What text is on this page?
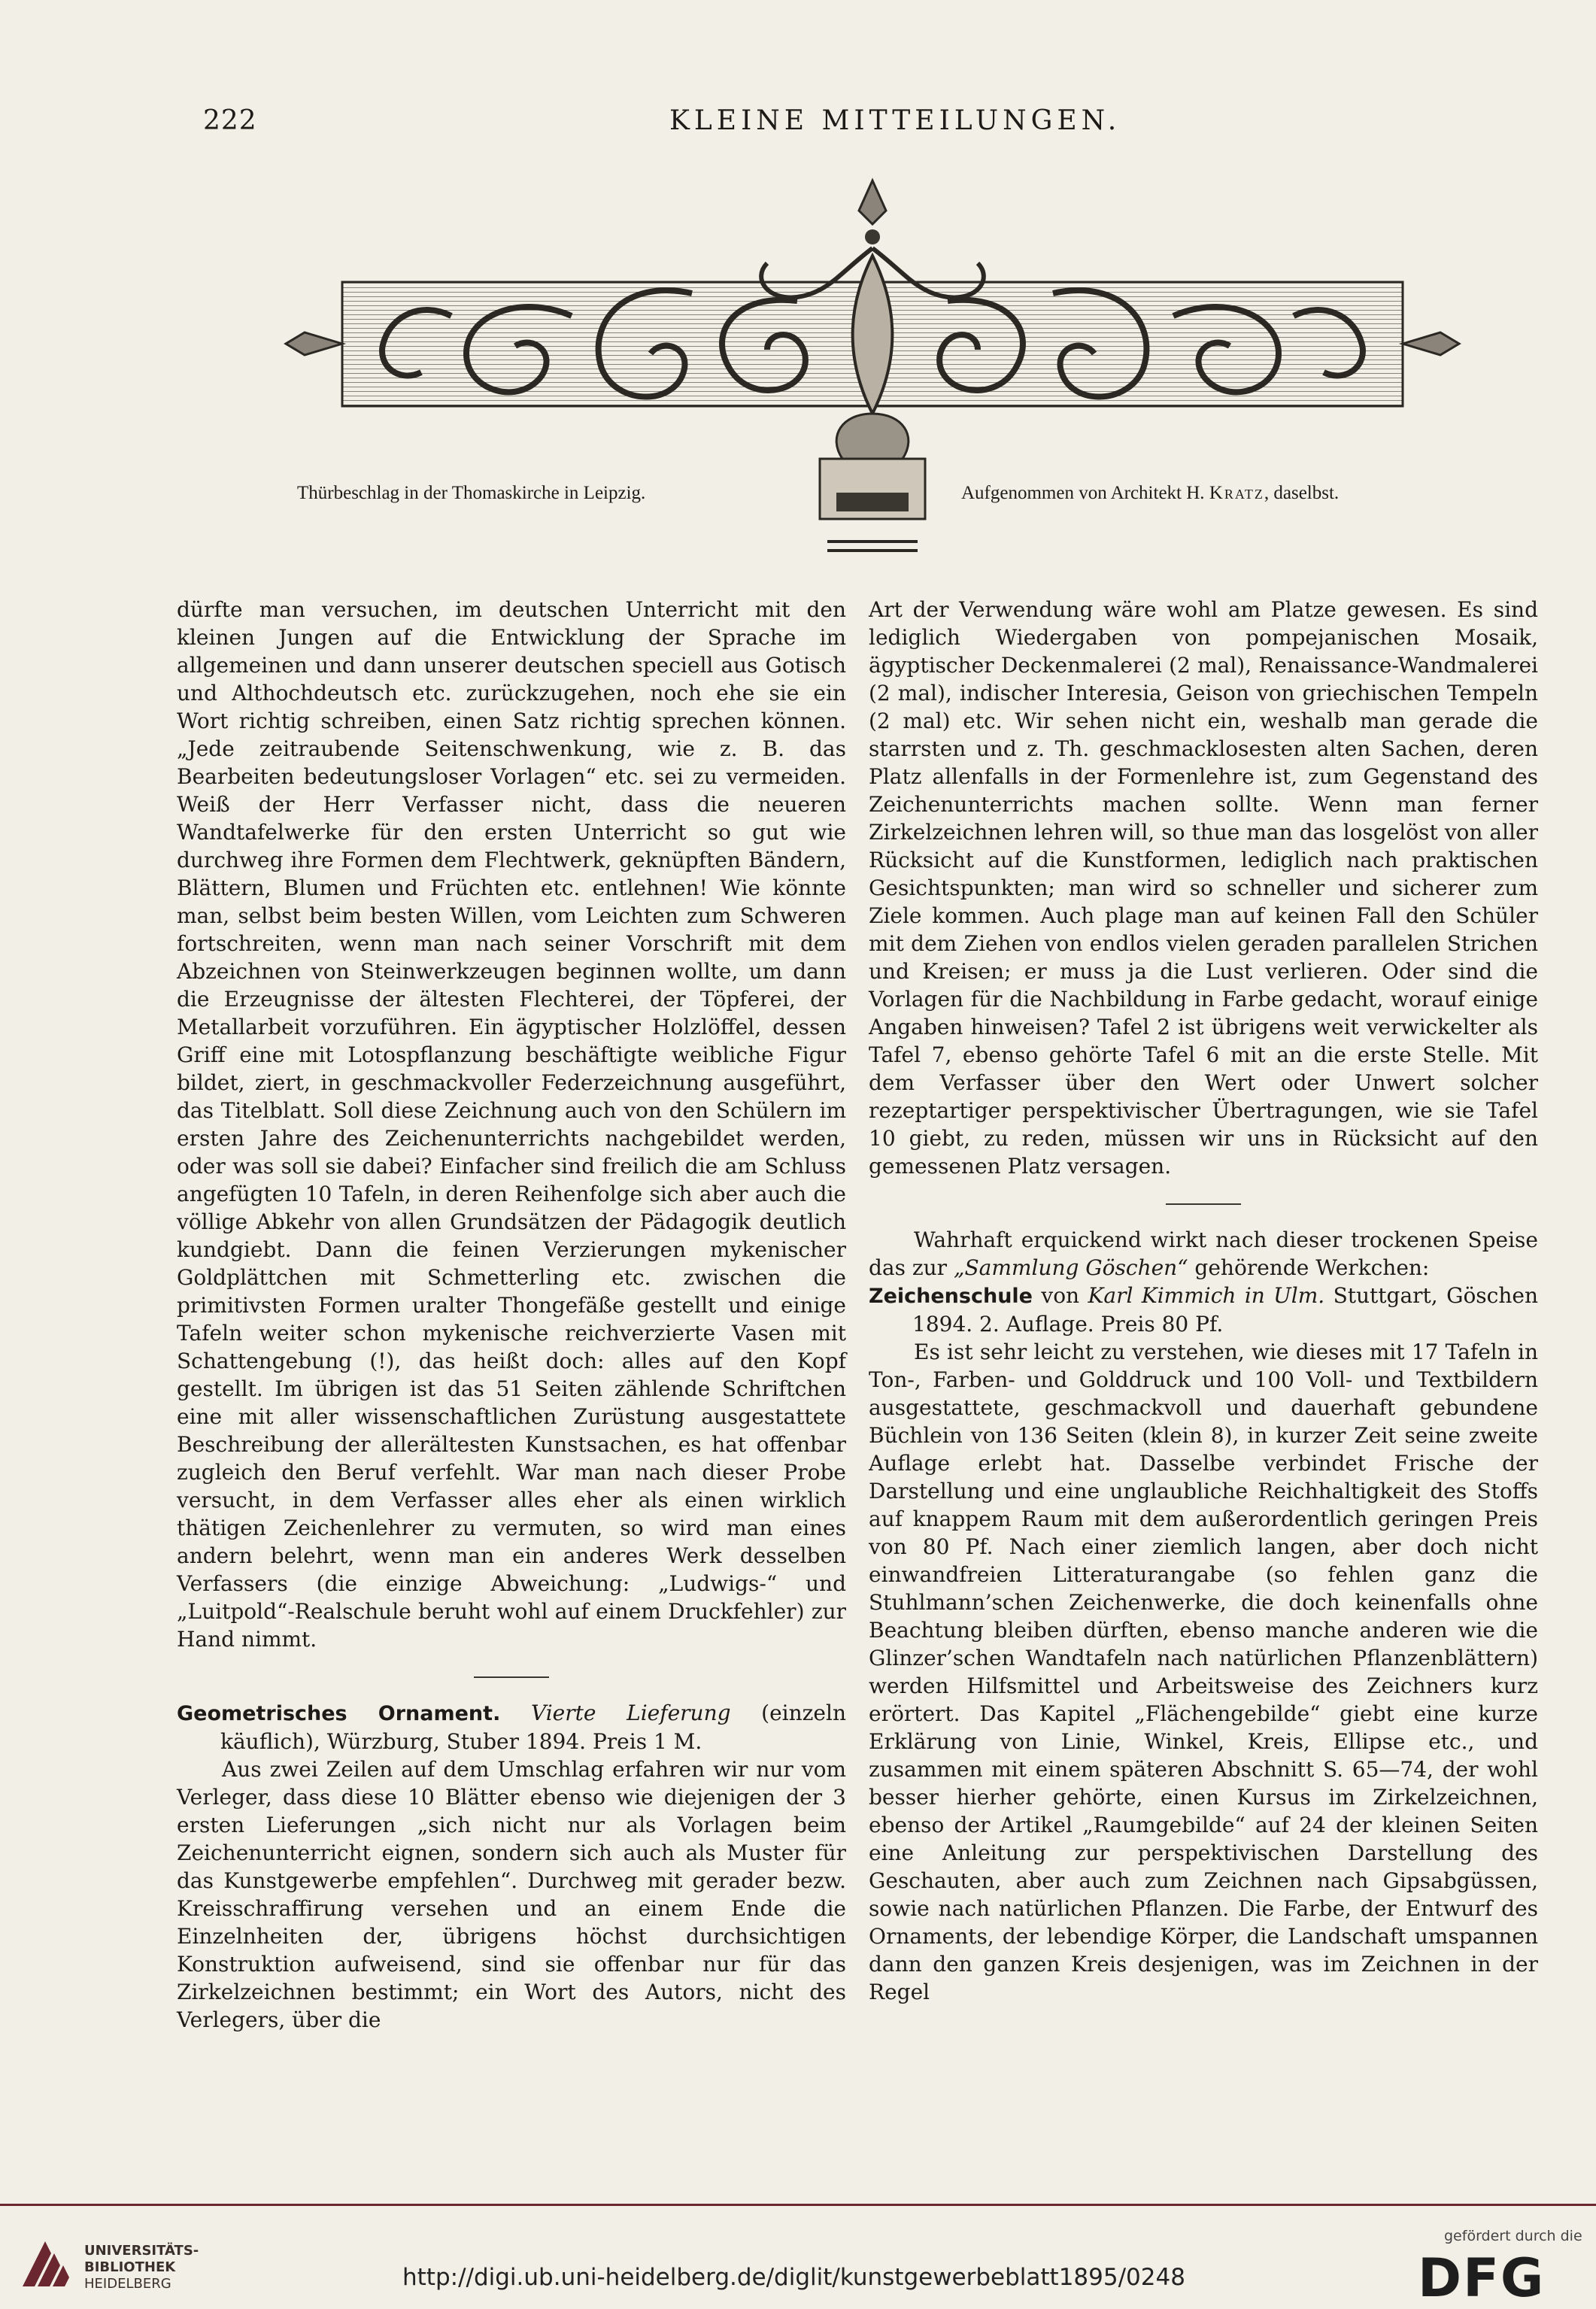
222	KLEINE MITTEILUNGEN.
Thürbeschlag in der Thomaskirche in Leipzig.	Aufgenommen von Architekt H. Kratz, daselbst.

dürfte man versuchen, im deutschen Unterricht mit den kleinen Jungen auf die Entwicklung der Sprache im allgemeinen und dann unserer deutschen speciell aus Gotisch und Althochdeutsch etc. zurückzugehen, noch ehe sie ein Wort richtig schreiben, einen Satz richtig sprechen können. „Jede zeitraubende Seitenschwenkung, wie z. B. das Bearbeiten bedeutungsloser Vorlagen“ etc. sei zu vermeiden. Weiß der Herr Verfasser nicht, dass die neueren Wandtafelwerke für den ersten Unterricht so gut wie durchweg ihre Formen dem Flechtwerk, geknüpften Bändern, Blättern, Blumen und Früchten etc. entlehnen! Wie könnte man, selbst beim besten Willen, vom Leichten zum Schweren fortschreiten, wenn man nach seiner Vorschrift mit dem Abzeichnen von Steinwerkzeugen beginnen wollte, um dann die Erzeugnisse der ältesten Flechterei, der Töpferei, der Metallarbeit vorzuführen. Ein ägyptischer Holzlöffel, dessen Griff eine mit Lotospflanzung beschäftigte weibliche Figur bildet, ziert, in geschmackvoller Federzeichnung ausgeführt, das Titelblatt. Soll diese Zeichnung auch von den Schülern im ersten Jahre des Zeichenunterrichts nachgebildet werden, oder was soll sie dabei? Einfacher sind freilich die am Schluss angefügten 10 Tafeln, in deren Reihenfolge sich aber auch die völlige Abkehr von allen Grundsätzen der Pädagogik deutlich kundgiebt. Dann die feinen Verzierungen mykenischer Goldplättchen mit Schmetterling etc. zwischen die primitivsten Formen uralter Thongefäße gestellt und einige Tafeln weiter schon mykenische reichverzierte Vasen mit Schattengebung (!), das heißt doch: alles auf den Kopf gestellt. Im übrigen ist das 51 Seiten zählende Schriftchen eine mit aller wissenschaftlichen Zurüstung ausgestattete Beschreibung der allerältesten Kunstsachen, es hat offenbar zugleich den Beruf verfehlt. War man nach dieser Probe versucht, in dem Verfasser alles eher als einen wirklich thätigen Zeichenlehrer zu vermuten, so wird man eines andern belehrt, wenn man ein anderes Werk desselben Verfassers (die einzige Abweichung: „Ludwigs-“ und „Luitpold“-Realschule beruht wohl auf einem Druckfehler) zur Hand nimmt.

Geometrisches Ornament. Vierte Lieferung (einzeln käuflich), Würzburg, Stuber 1894. Preis 1 M.

Aus zwei Zeilen auf dem Umschlag erfahren wir nur vom Verleger, dass diese 10 Blätter ebenso wie diejenigen der 3 ersten Lieferungen „sich nicht nur als Vorlagen beim Zeichenunterricht eignen, sondern sich auch als Muster für das Kunstgewerbe empfehlen“. Durchweg mit gerader bezw. Kreisschraffirung versehen und an einem Ende die Einzelnheiten der, übrigens höchst durchsichtigen Konstruktion aufweisend, sind sie offenbar nur für das Zirkelzeichnen bestimmt; ein Wort des Autors, nicht des Verlegers, über die

Art der Verwendung wäre wohl am Platze gewesen. Es sind lediglich Wiedergaben von pompejanischen Mosaik, ägyptischer Deckenmalerei (2 mal), Renaissance-Wandmalerei (2 mal), indischer Interesia, Geison von griechischen Tempeln (2 mal) etc. Wir sehen nicht ein, weshalb man gerade die starrsten und z. Th. geschmacklosesten alten Sachen, deren Platz allenfalls in der Formenlehre ist, zum Gegenstand des Zeichenunterrichts machen sollte. Wenn man ferner Zirkelzeichnen lehren will, so thue man das losgelöst von aller Rücksicht auf die Kunstformen, lediglich nach praktischen Gesichtspunkten; man wird so schneller und sicherer zum Ziele kommen. Auch plage man auf keinen Fall den Schüler mit dem Ziehen von endlos vielen geraden parallelen Strichen und Kreisen; er muss ja die Lust verlieren. Oder sind die Vorlagen für die Nachbildung in Farbe gedacht, worauf einige Angaben hinweisen? Tafel 2 ist übrigens weit verwickelter als Tafel 7, ebenso gehörte Tafel 6 mit an die erste Stelle. Mit dem Verfasser über den Wert oder Unwert solcher rezeptartiger perspektivischer Übertragungen, wie sie Tafel 10 giebt, zu reden, müssen wir uns in Rücksicht auf den gemessenen Platz versagen.

Wahrhaft erquickend wirkt nach dieser trockenen Speise das zur „Sammlung Göschen“ gehörende Werkchen:

Zeichenschule von Karl Kimmich in Ulm. Stuttgart, Göschen 1894. 2. Auflage. Preis 80 Pf.

Es ist sehr leicht zu verstehen, wie dieses mit 17 Tafeln in Ton-, Farben- und Golddruck und 100 Voll- und Textbildern ausgestattete, geschmackvoll und dauerhaft gebundene Büchlein von 136 Seiten (klein 8), in kurzer Zeit seine zweite Auflage erlebt hat. Dasselbe verbindet Frische der Darstellung und eine unglaubliche Reichhaltigkeit des Stoffs auf knappem Raum mit dem außerordentlich geringen Preis von 80 Pf. Nach einer ziemlich langen, aber doch nicht einwandfreien Litteraturangabe (so fehlen ganz die Stuhlmann’schen Zeichenwerke, die doch keinenfalls ohne Beachtung bleiben dürften, ebenso manche anderen wie die Glinzer’schen Wandtafeln nach natürlichen Pflanzenblättern) werden Hilfsmittel und Arbeitsweise des Zeichners kurz erörtert. Das Kapitel „Flächengebilde“ giebt eine kurze Erklärung von Linie, Winkel, Kreis, Ellipse etc., und zusammen mit einem späteren Abschnitt S. 65—74, der wohl besser hierher gehörte, einen Kursus im Zirkelzeichnen, ebenso der Artikel „Raumgebilde“ auf 24 der kleinen Seiten eine Anleitung zur perspektivischen Darstellung des Geschauten, aber auch zum Zeichnen nach Gipsabgüssen, sowie nach natürlichen Pflanzen. Die Farbe, der Entwurf des Ornaments, der lebendige Körper, die Landschaft umspannen dann den ganzen Kreis desjenigen, was im Zeichnen in der Regel

UNIVERSITÄTS-
BIBLIOTHEK
HEIDELBERG	http://digi.ub.uni-heidelberg.de/diglit/kunstgewerbeblatt1895/0248
gefördert durch die
DFG
